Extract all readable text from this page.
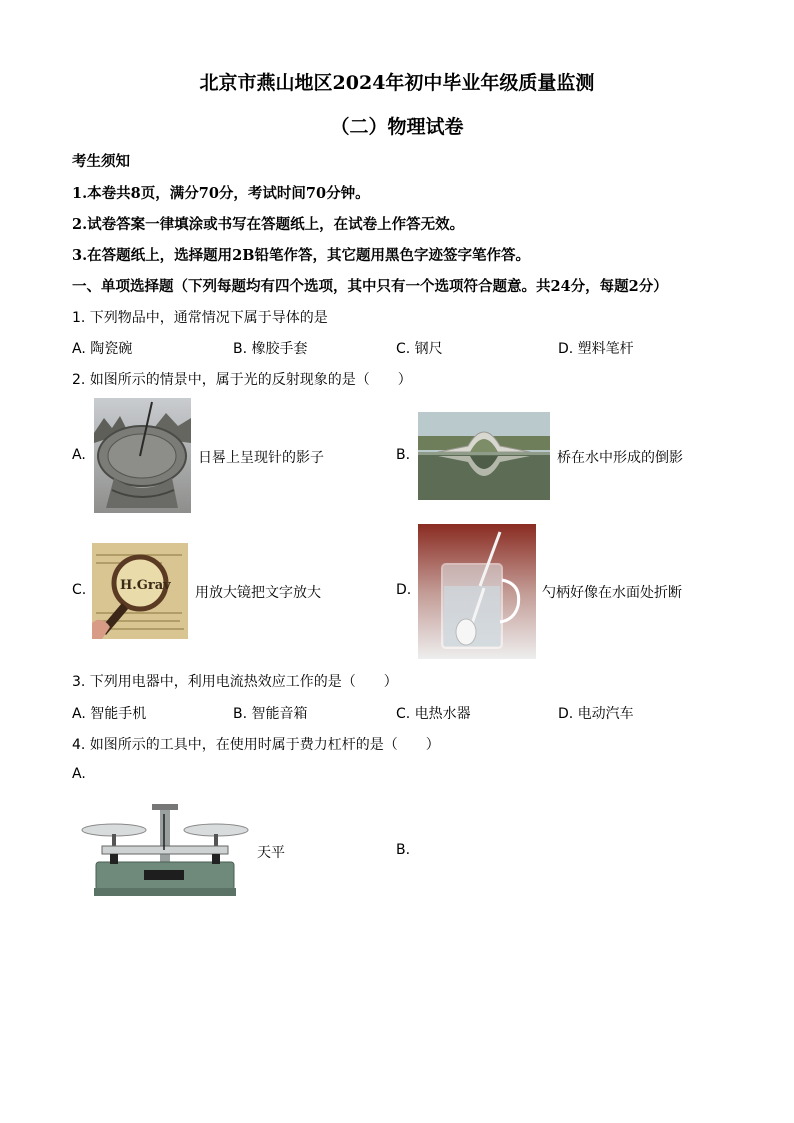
北京市燕山地区2024年初中毕业年级质量监测
（二）物理试卷
考生须知
1.本卷共8页，满分70分，考试时间70分钟。
2.试卷答案一律填涂或书写在答题纸上，在试卷上作答无效。
3.在答题纸上，选择题用2B铅笔作答，其它题用黑色字迹签字笔作答。
一、单项选择题（下列每题均有四个选项，其中只有一个选项符合题意。共24分，每题2分）
1. 下列物品中，通常情况下属于导体的是
A. 陶瓷碗	B. 橡胶手套	C. 钢尺	D. 塑料笔杆
2. 如图所示的情景中，属于光的反射现象的是（　　）
A.	日晷上呈现针的影子	B.	桥在水中形成的倒影
C.	H.Grav 用放大镜把文字放大	D.	勺柄好像在水面处折断
3. 下列用电器中，利用电流热效应工作的是（　　）
A. 智能手机	B. 智能音箱	C. 电热水器	D. 电动汽车
4. 如图所示的工具中，在使用时属于费力杠杆的是（　　）
A.
天平	B.
